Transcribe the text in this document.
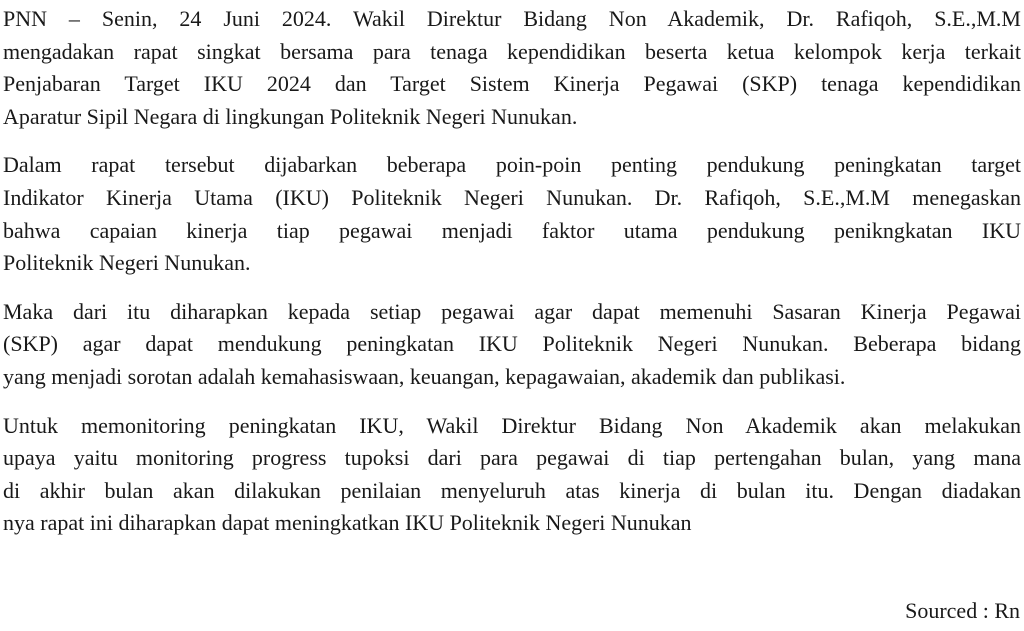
PNN – Senin, 24 Juni 2024. Wakil Direktur Bidang Non Akademik, Dr. Rafiqoh, S.E.,M.M
mengadakan rapat singkat bersama para tenaga kependidikan beserta ketua kelompok kerja terkait
Penjabaran Target IKU 2024 dan Target Sistem Kinerja Pegawai (SKP) tenaga kependidikan
Aparatur Sipil Negara di lingkungan Politeknik Negeri Nunukan.

Dalam rapat tersebut dijabarkan beberapa poin-poin penting pendukung peningkatan target
Indikator Kinerja Utama (IKU) Politeknik Negeri Nunukan. Dr. Rafiqoh, S.E.,M.M menegaskan
bahwa capaian kinerja tiap pegawai menjadi faktor utama pendukung penikngkatan IKU
Politeknik Negeri Nunukan.

Maka dari itu diharapkan kepada setiap pegawai agar dapat memenuhi Sasaran Kinerja Pegawai
(SKP) agar dapat mendukung peningkatan IKU Politeknik Negeri Nunukan. Beberapa bidang
yang menjadi sorotan adalah kemahasiswaan, keuangan, kepagawaian, akademik dan publikasi.

Untuk memonitoring peningkatan IKU, Wakil Direktur Bidang Non Akademik akan melakukan
upaya yaitu monitoring progress tupoksi dari para pegawai di tiap pertengahan bulan, yang mana
di akhir bulan akan dilakukan penilaian menyeluruh atas kinerja di bulan itu. Dengan diadakan
nya rapat ini diharapkan dapat meningkatkan IKU Politeknik Negeri Nunukan

Sourced : Rn
